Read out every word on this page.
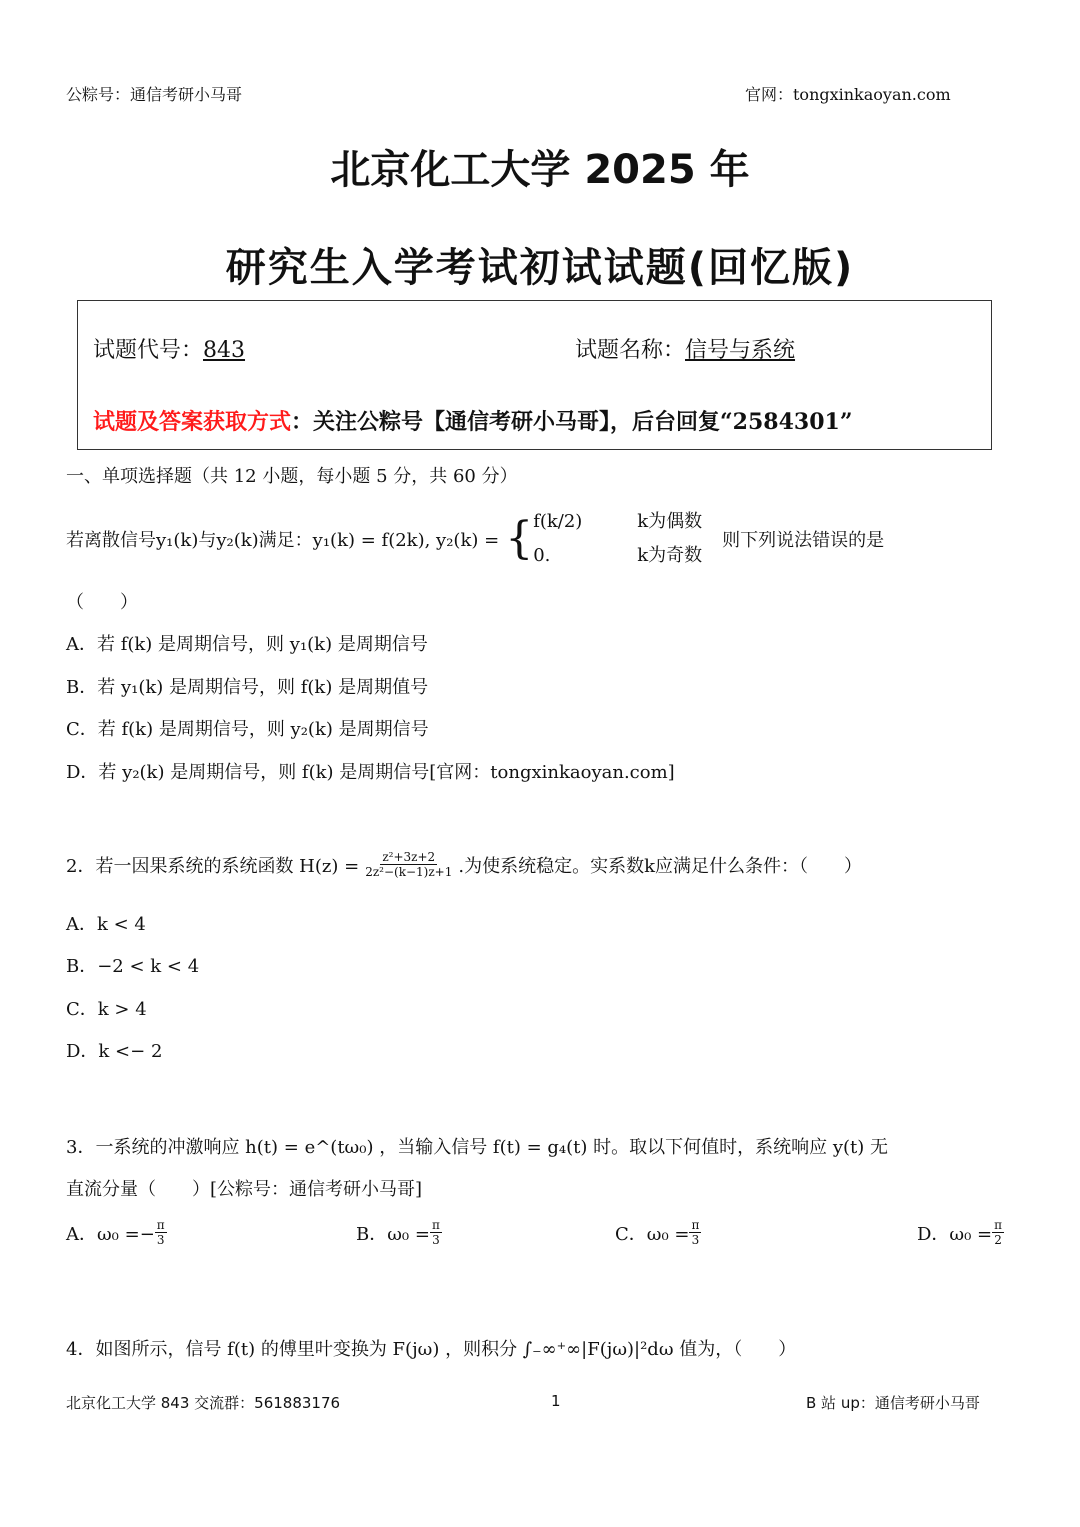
公粽号：通信考研小马哥	官网：tongxinkaoyan.com
北京化工大学 2025 年
研究生入学考试初试试题(回忆版)
试题代号：843	试题名称：信号与系统
试题及答案获取方式：关注公粽号【通信考研小马哥】，后台回复“2584301”
一、单项选择题（共 12 小题，每小题 5 分，共 60 分）
若离散信号y₁(k)与y₂(k)满足：y₁(k) = f(2k), y₂(k) = { f(k/2)	k为偶数
0.	k为奇数
则下列说法错误的是
（　　）
A．若 f(k) 是周期信号，则 y₁(k) 是周期信号
B．若 y₁(k) 是周期信号，则 f(k) 是周期值号
C．若 f(k) 是周期信号，则 y₂(k) 是周期信号
D．若 y₂(k) 是周期信号，则 f(k) 是周期信号[官网：tongxinkaoyan.com]
2．若一因果系统的系统函数 $H(z) = \frac{\text{z²+3z+2}}{\text{2z²−(k−1)z+1}}$ .为使系统稳定。实系数k应满足什么条件：（　　）
A．k < 4
B．−2 < k < 4
C．k > 4
D．k <− 2
3．一系统的冲激响应 h(t) = e^(tω₀) ，当输入信号 f(t) = g₄(t) 时。取以下何值时，系统响应 y(t) 无
直流分量（　　）[公粽号：通信考研小马哥]
A．$\omega_0 =- \frac{\pi}{3}$	B．$\omega_0 = \frac{\pi}{3}$	C．$\omega_0 = \frac{\pi}{3}$	D．$\omega_0 = \frac{\pi}{2}$
4．如图所示，信号 f(t) 的傅里叶变换为 F(jω) ，则积分 ∫₋∞⁺∞|F(jω)|²dω 值为，（　　）
北京化工大学 843 交流群：561883176	1	B 站 up：通信考研小马哥
